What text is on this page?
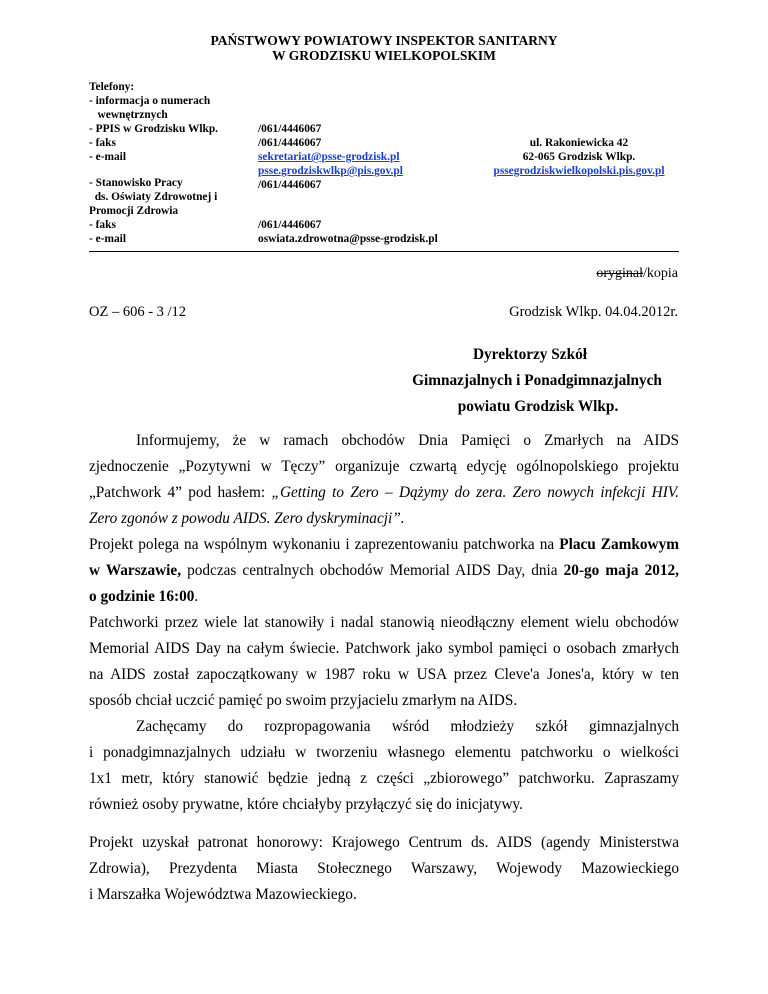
PAŃSTWOWY POWIATOWY INSPEKTOR SANITARNY
W GRODZISKU WIELKOPOLSKIM
Telefony:
- informacja o numerach
wewnętrznych
- PPIS w Grodzisku Wlkp.
- faks
- e-mail
- Stanowisko Pracy
ds. Oświaty Zdrowotnej i
Promocji Zdrowia
- faks
- e-mail
/061/4446067
/061/4446067
sekretariat@psse-grodzisk.pl
psse.grodziskwlkp@pis.gov.pl
/061/4446067
/061/4446067
oswiata.zdrowotna@psse-grodzisk.pl
ul. Rakoniewicka 42
62-065 Grodzisk Wlkp.
pssegrodziskwielkopolski.pis.gov.pl
oryginał/kopia
OZ – 606 - 3 /12	Grodzisk Wlkp. 04.04.2012r.
Dyrektorzy Szkół
Gimnazjalnych i Ponadgimnazjalnych
powiatu Grodzisk Wlkp.
Informujemy, że w ramach obchodów Dnia Pamięci o Zmarłych na AIDS
zjednoczenie „Pozytywni w Tęczy” organizuje czwartą edycję ogólnopolskiego projektu
„Patchwork 4” pod hasłem: „Getting to Zero – Dążymy do zera. Zero nowych infekcji HIV.
Zero zgonów z powodu AIDS. Zero dyskryminacji”.
Projekt polega na wspólnym wykonaniu i zaprezentowaniu patchworka na Placu Zamkowym
w Warszawie, podczas centralnych obchodów Memorial AIDS Day, dnia 20-go maja 2012,
o godzinie 16:00.
Patchworki przez wiele lat stanowiły i nadal stanowią nieodłączny element wielu obchodów
Memorial AIDS Day na całym świecie. Patchwork jako symbol pamięci o osobach zmarłych
na AIDS został zapoczątkowany w 1987 roku w USA przez Cleve'a Jones'a, który w ten
sposób chciał uczcić pamięć po swoim przyjacielu zmarłym na AIDS.
Zachęcamy do rozpropagowania wśród młodzieży szkół gimnazjalnych
i ponadgimnazjalnych udziału w tworzeniu własnego elementu patchworku o wielkości
1x1 metr, który stanowić będzie jedną z części „zbiorowego” patchworku. Zapraszamy
również osoby prywatne, które chciałyby przyłączyć się do inicjatywy.
Projekt uzyskał patronat honorowy: Krajowego Centrum ds. AIDS (agendy Ministerstwa
Zdrowia), Prezydenta Miasta Stołecznego Warszawy, Wojewody Mazowieckiego
i Marszałka Województwa Mazowieckiego.
